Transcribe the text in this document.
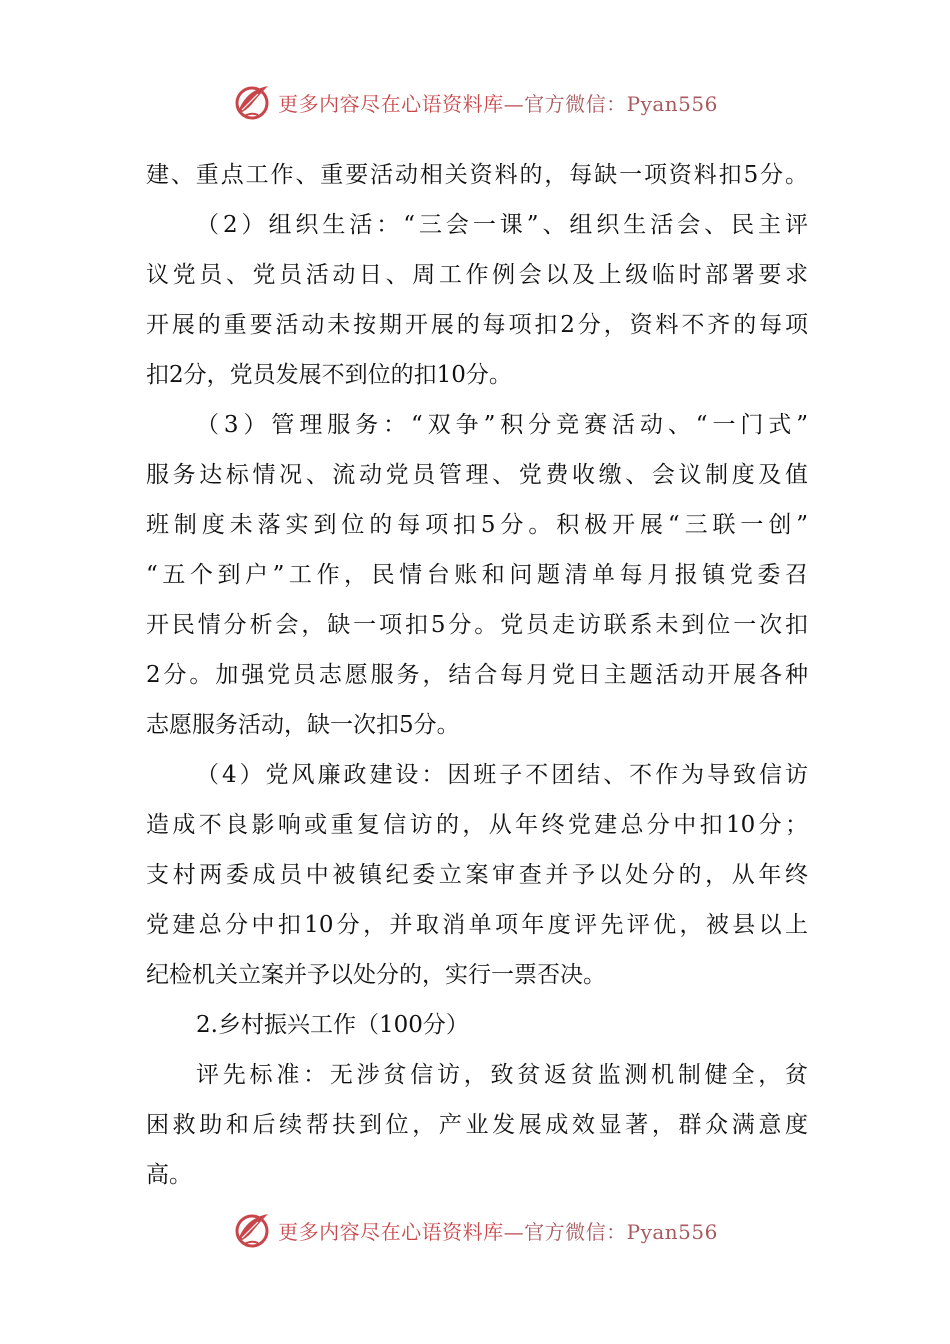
更多内容尽在心语资料库—官方微信：Pyan556
建、重点工作、重要活动相关资料的，每缺一项资料扣5分。
（2）组织生活：“三会一课”、组织生活会、民主评
议党员、党员活动日、周工作例会以及上级临时部署要求
开展的重要活动未按期开展的每项扣2分，资料不齐的每项
扣2分，党员发展不到位的扣10分。
（3）管理服务：“双争”积分竞赛活动、“一门式”
服务达标情况、流动党员管理、党费收缴、会议制度及值
班制度未落实到位的每项扣5分。积极开展“三联一创”
“五个到户”工作，民情台账和问题清单每月报镇党委召
开民情分析会，缺一项扣5分。党员走访联系未到位一次扣
2分。加强党员志愿服务，结合每月党日主题活动开展各种
志愿服务活动，缺一次扣5分。
（4）党风廉政建设：因班子不团结、不作为导致信访
造成不良影响或重复信访的，从年终党建总分中扣10分；
支村两委成员中被镇纪委立案审查并予以处分的，从年终
党建总分中扣10分，并取消单项年度评先评优，被县以上
纪检机关立案并予以处分的，实行一票否决。
2.乡村振兴工作（100分）
评先标准：无涉贫信访，致贫返贫监测机制健全，贫
困救助和后续帮扶到位，产业发展成效显著，群众满意度
高。
更多内容尽在心语资料库—官方微信：Pyan556
